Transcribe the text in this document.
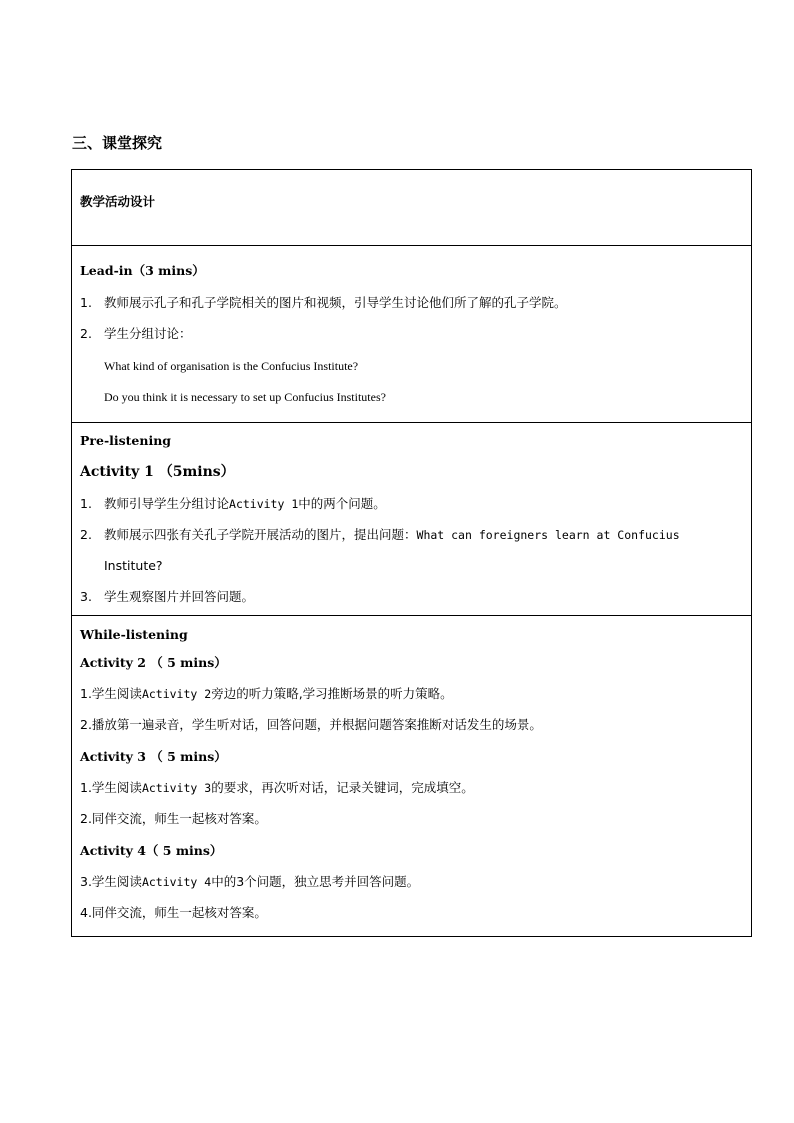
三、课堂探究
教学活动设计
Lead-in（3 mins）
1. 教师展示孔子和孔子学院相关的图片和视频，引导学生讨论他们所了解的孔子学院。
2. 学生分组讨论：
What kind of organisation is the Confucius Institute?
Do you think it is necessary to set up Confucius Institutes?
Pre-listening
Activity 1 （5mins）
1. 教师引导学生分组讨论Activity 1中的两个问题。
2. 教师展示四张有关孔子学院开展活动的图片，提出问题：What can foreigners learn at Confucius
Institute?
3. 学生观察图片并回答问题。
While-listening
Activity 2 （ 5 mins）
1.学生阅读Activity 2旁边的听力策略,学习推断场景的听力策略。
2.播放第一遍录音，学生听对话，回答问题，并根据问题答案推断对话发生的场景。
Activity 3 （ 5 mins）
1.学生阅读Activity 3的要求，再次听对话，记录关键词，完成填空。
2.同伴交流，师生一起核对答案。
Activity 4（ 5 mins）
3.学生阅读Activity 4中的3个问题，独立思考并回答问题。
4.同伴交流，师生一起核对答案。
